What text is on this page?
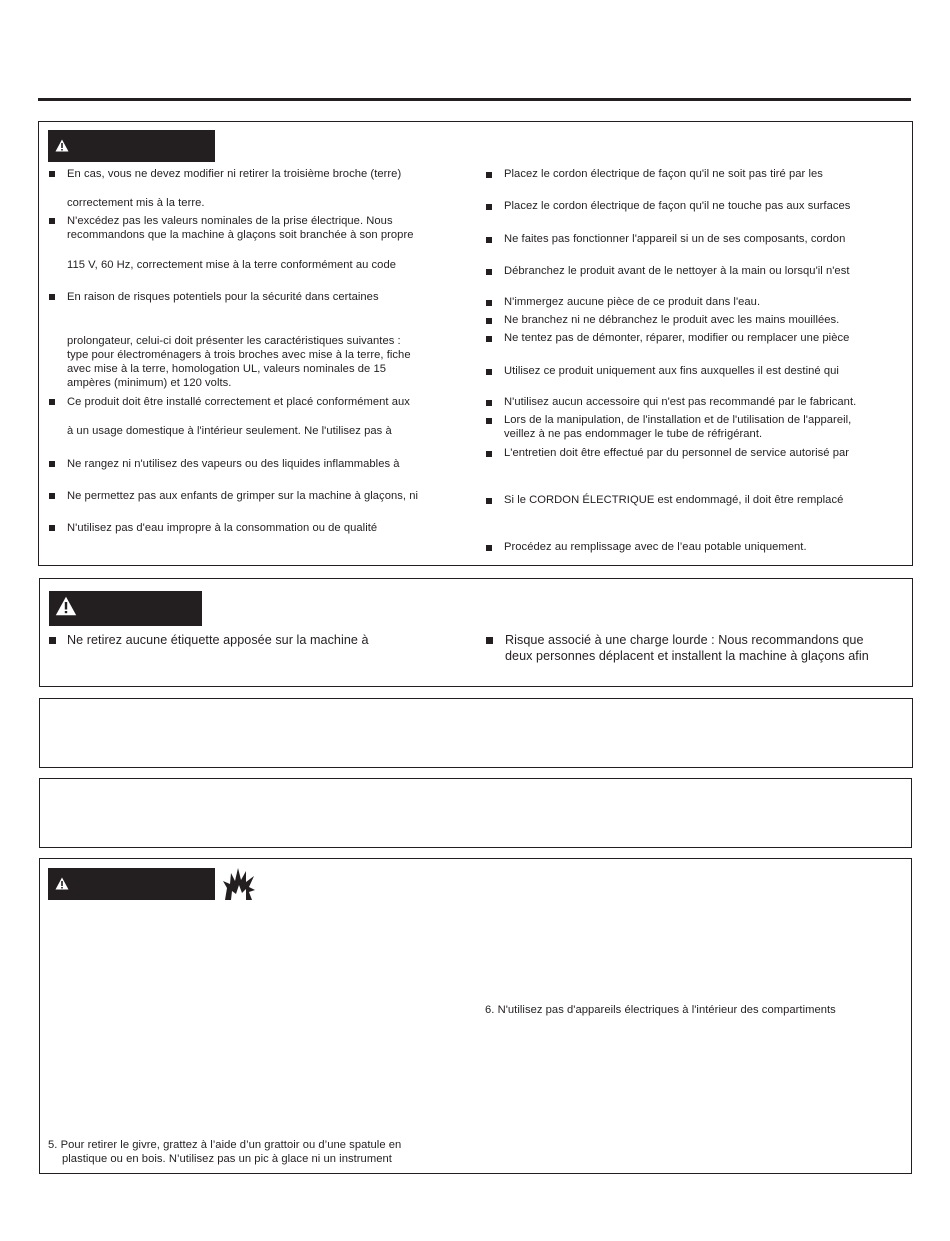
En cas, vous ne devez modifier ni retirer la troisième broche (terre)
correctement mis à la terre.
N'excédez pas les valeurs nominales de la prise électrique. Nous
recommandons que la machine à glaçons soit branchée à son propre
115 V, 60 Hz, correctement mise à la terre conformément au code
En raison de risques potentiels pour la sécurité dans certaines
prolongateur, celui-ci doit présenter les caractéristiques suivantes :
type pour électroménagers à trois broches avec mise à la terre, fiche
avec mise à la terre, homologation UL, valeurs nominales de 15
ampères (minimum) et 120 volts.
Ce produit doit être installé correctement et placé conformément aux
à un usage domestique à l'intérieur seulement. Ne l'utilisez pas à
Ne rangez ni n'utilisez des vapeurs ou des liquides inflammables à
Ne permettez pas aux enfants de grimper sur la machine à glaçons, ni
N'utilisez pas d'eau impropre à la consommation ou de qualité
Placez le cordon électrique de façon qu'il ne soit pas tiré par les
Placez le cordon électrique de façon qu'il ne touche pas aux surfaces
Ne faites pas fonctionner l'appareil si un de ses composants, cordon
Débranchez le produit avant de le nettoyer à la main ou lorsqu'il n'est
N'immergez aucune pièce de ce produit dans l'eau.
Ne branchez ni ne débranchez le produit avec les mains mouillées.
Ne tentez pas de démonter, réparer, modifier ou remplacer une pièce
Utilisez ce produit uniquement aux fins auxquelles il est destiné qui
N'utilisez aucun accessoire qui n'est pas recommandé par le fabricant.
Lors de la manipulation, de l'installation et de l'utilisation de l'appareil,
veillez à ne pas endommager le tube de réfrigérant.
L'entretien doit être effectué par du personnel de service autorisé par
Si le CORDON ÉLECTRIQUE est endommagé, il doit être remplacé
Procédez au remplissage avec de l’eau potable uniquement.
Ne retirez aucune étiquette apposée sur la machine à	Risque associé à une charge lourde : Nous recommandons que
deux personnes déplacent et installent la machine à glaçons afin
5. Pour retirer le givre, grattez à l’aide d’un grattoir ou d’une spatule en
plastique ou en bois. N’utilisez pas un pic à glace ni un instrument
6. N'utilisez pas d'appareils électriques à l'intérieur des compartiments
